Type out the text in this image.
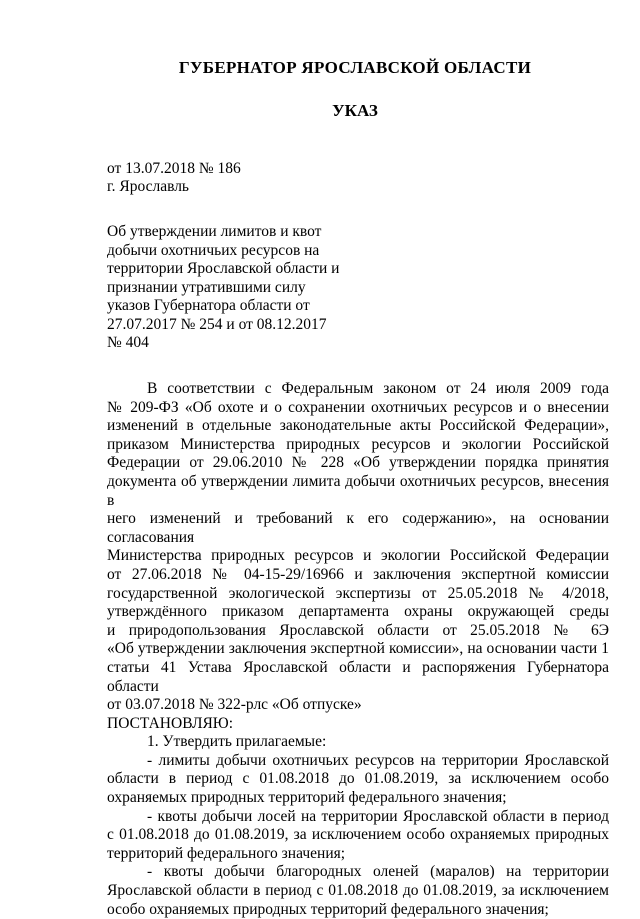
ГУБЕРНАТОР ЯРОСЛАВСКОЙ ОБЛАСТИ
УКАЗ
от 13.07.2018 № 186
г. Ярославль
Об утверждении лимитов и квот
добычи охотничьих ресурсов на
территории Ярославской области и
признании утратившими силу
указов Губернатора области от
27.07.2017 № 254 и от 08.12.2017
№ 404

В соответствии с Федеральным законом от 24 июля 2009 года

№ 209-ФЗ «Об охоте и о сохранении охотничьих ресурсов и о внесении

изменений в отдельные законодательные акты Российской Федерации»,

приказом Министерства природных ресурсов и экологии Российской

Федерации от 29.06.2010 № 228 «Об утверждении порядка принятия

документа об утверждении лимита добычи охотничьих ресурсов, внесения в

него изменений и требований к его содержанию», на основании согласования

Министерства природных ресурсов и экологии Российской Федерации

от 27.06.2018 № 04-15-29/16966 и заключения экспертной комиссии

государственной экологической экспертизы от 25.05.2018 № 4/2018,

утверждённого приказом департамента охраны окружающей среды

и природопользования Ярославской области от 25.05.2018 № 6Э

«Об утверждении заключения экспертной комиссии», на основании части 1

статьи 41 Устава Ярославской области и распоряжения Губернатора области

от 03.07.2018 № 322-рлс «Об отпуске»

ПОСТАНОВЛЯЮ:

1. Утвердить прилагаемые:

- лимиты добычи охотничьих ресурсов на территории Ярославской

области в период с 01.08.2018 до 01.08.2019, за исключением особо

охраняемых природных территорий федерального значения;

- квоты добычи лосей на территории Ярославской области в период

с 01.08.2018 до 01.08.2019, за исключением особо охраняемых природных

территорий федерального значения;

- квоты добычи благородных оленей (маралов) на территории

Ярославской области в период с 01.08.2018 до 01.08.2019, за исключением

особо охраняемых природных территорий федерального значения;
